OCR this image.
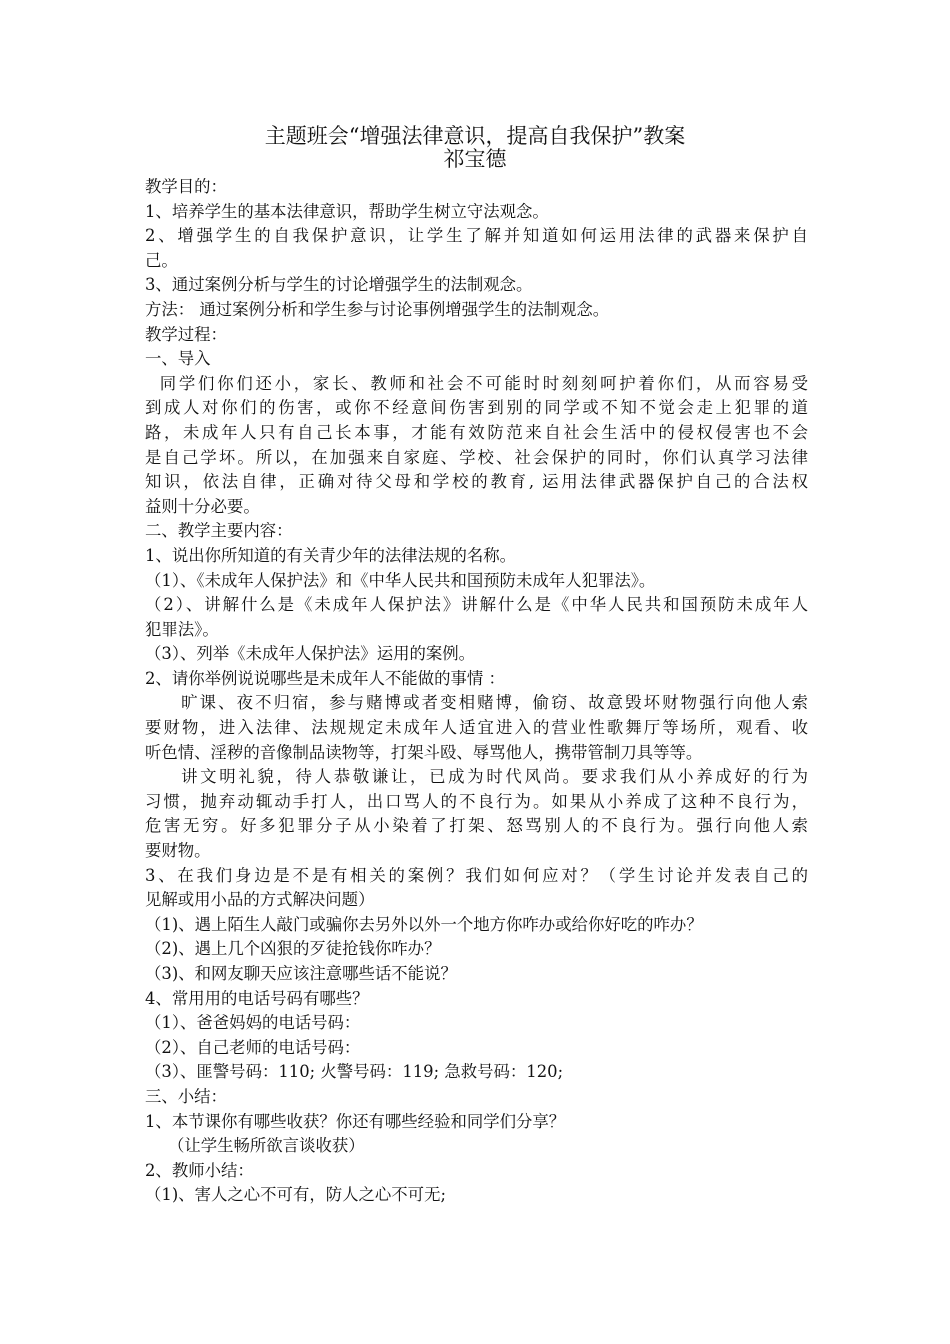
主题班会“增强法律意识，提高自我保护”教案
祁宝德
教学目的：
1、培养学生的基本法律意识，帮助学生树立守法观念。
2、增强学生的自我保护意识，让学生了解并知道如何运用法律的武器来保护自
己。
3、通过案例分析与学生的讨论增强学生的法制观念。
方法： 通过案例分析和学生参与讨论事例增强学生的法制观念。
教学过程：
一、导入
同学们你们还小，家长、教师和社会不可能时时刻刻呵护着你们，从而容易受
到成人对你们的伤害，或你不经意间伤害到别的同学或不知不觉会走上犯罪的道
路，未成年人只有自己长本事，才能有效防范来自社会生活中的侵权侵害也不会
是自己学坏。所以，在加强来自家庭、学校、社会保护的同时，你们认真学习法律
知识，依法自律，正确对待父母和学校的教育, 运用法律武器保护自己的合法权
益则十分必要。
二、教学主要内容：
1、说出你所知道的有关青少年的法律法规的名称。
（1）、《未成年人保护法》和《中华人民共和国预防未成年人犯罪法》。
（2）、讲解什么是《未成年人保护法》讲解什么是《中华人民共和国预防未成年人
犯罪法》。
（3）、列举《未成年人保护法》运用的案例。
2、请你举例说说哪些是未成年人不能做的事情 ：
旷课、夜不归宿，参与赌博或者变相赌博，偷窃、故意毁坏财物强行向他人索
要财物，进入法律、法规规定未成年人适宜进入的营业性歌舞厅等场所，观看、收
听色情、淫秽的音像制品读物等，打架斗殴、辱骂他人，携带管制刀具等等。
讲文明礼貌，待人恭敬谦让，已成为时代风尚。要求我们从小养成好的行为
习惯，抛弃动辄动手打人，出口骂人的不良行为。如果从小养成了这种不良行为，
危害无穷。好多犯罪分子从小染着了打架、怒骂别人的不良行为。强行向他人索
要财物。
3、在我们身边是不是有相关的案例？我们如何应对？（学生讨论并发表自己的
见解或用小品的方式解决问题）
（1)、遇上陌生人敲门或骗你去另外以外一个地方你咋办或给你好吃的咋办？
（2)、遇上几个凶狠的歹徒抢钱你咋办？
（3)、和网友聊天应该注意哪些话不能说？
4、常用用的电话号码有哪些？
（1）、爸爸妈妈的电话号码：
（2）、自己老师的电话号码：
（3）、匪警号码：110; 火警号码：119; 急救号码：120;
三、小结：
1、本节课你有哪些收获？你还有哪些经验和同学们分享？
（让学生畅所欲言谈收获）
2、教师小结：
（1)、害人之心不可有，防人之心不可无;
